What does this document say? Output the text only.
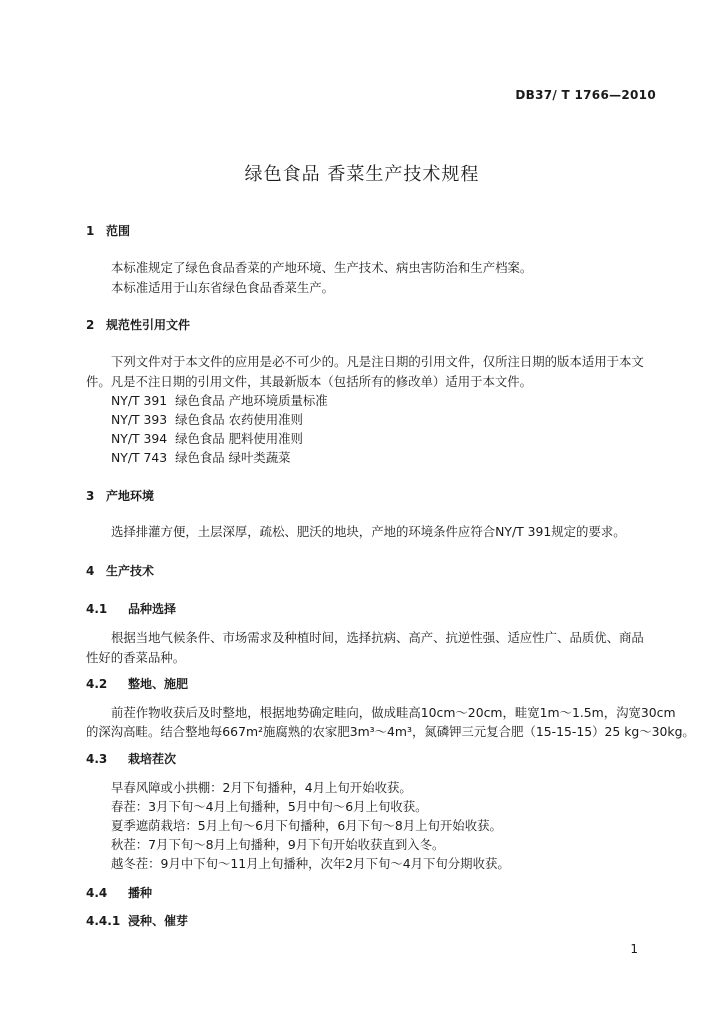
DB37/ T 1766—2010
绿色食品 香菜生产技术规程
1 范围
本标准规定了绿色食品香菜的产地环境、生产技术、病虫害防治和生产档案。
本标准适用于山东省绿色食品香菜生产。
2 规范性引用文件
下列文件对于本文件的应用是必不可少的。凡是注日期的引用文件，仅所注日期的版本适用于本文
件。凡是不注日期的引用文件，其最新版本（包括所有的修改单）适用于本文件。
NY/T 391 绿色食品 产地环境质量标准
NY/T 393 绿色食品 农药使用准则
NY/T 394 绿色食品 肥料使用准则
NY/T 743 绿色食品 绿叶类蔬菜
3 产地环境
选择排灌方便，土层深厚，疏松、肥沃的地块，产地的环境条件应符合NY/T 391规定的要求。
4 生产技术
4.1 品种选择
根据当地气候条件、市场需求及种植时间，选择抗病、高产、抗逆性强、适应性广、品质优、商品
性好的香菜品种。
4.2 整地、施肥
前茬作物收获后及时整地，根据地势确定畦向，做成畦高10cm～20cm，畦宽1m～1.5m，沟宽30cm
的深沟高畦。结合整地每667m²施腐熟的农家肥3m³～4m³，氮磷钾三元复合肥（15-15-15）25 kg～30kg。
4.3 栽培茬次
早春风障或小拱棚：2月下旬播种，4月上旬开始收获。
春茬：3月下旬～4月上旬播种，5月中旬～6月上旬收获。
夏季遮荫栽培：5月上旬～6月下旬播种，6月下旬～8月上旬开始收获。
秋茬：7月下旬～8月上旬播种，9月下旬开始收获直到入冬。
越冬茬：9月中下旬～11月上旬播种，次年2月下旬～4月下旬分期收获。
4.4 播种
4.4.1 浸种、催芽
1
